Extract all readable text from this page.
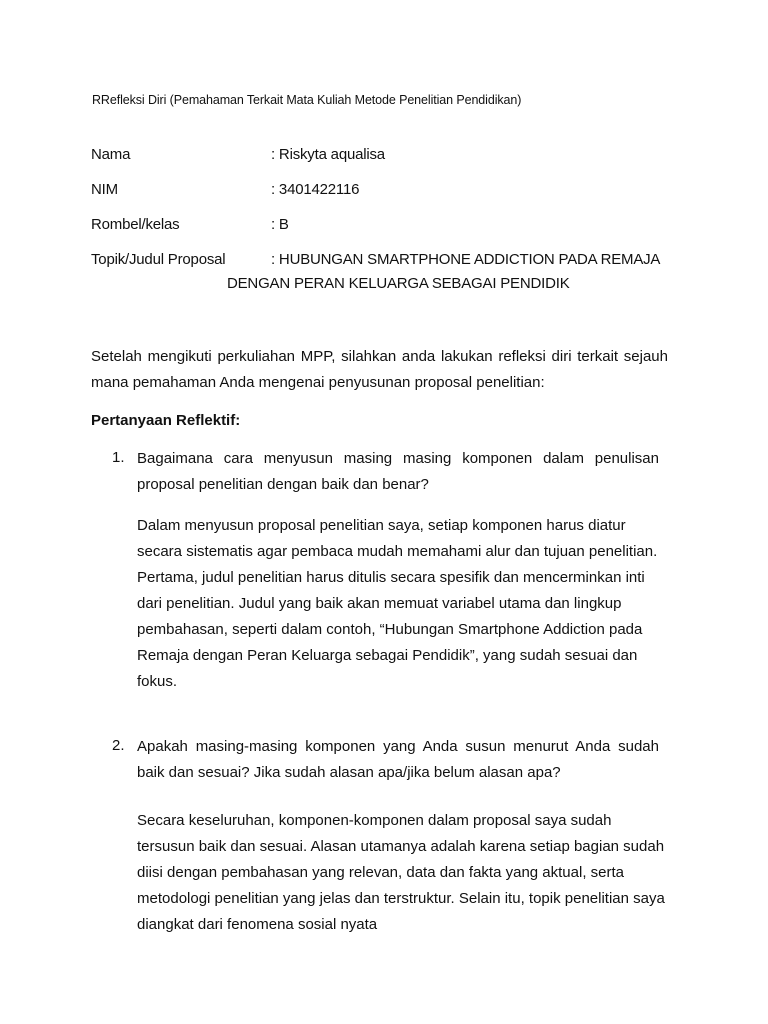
RRefleksi Diri (Pemahaman Terkait Mata Kuliah Metode Penelitian Pendidikan)
Nama	: Riskyta aqualisa
NIM	: 3401422116
Rombel/kelas	: B
Topik/Judul Proposal	: HUBUNGAN SMARTPHONE ADDICTION PADA REMAJA
DENGAN PERAN KELUARGA SEBAGAI PENDIDIK
Setelah mengikuti perkuliahan MPP, silahkan anda lakukan refleksi diri terkait sejauh mana pemahaman Anda mengenai penyusunan proposal penelitian:
Pertanyaan Reflektif:
1. Bagaimana cara menyusun masing masing komponen dalam penulisan proposal penelitian dengan baik dan benar?
Dalam menyusun proposal penelitian saya, setiap komponen harus diatur secara sistematis agar pembaca mudah memahami alur dan tujuan penelitian. Pertama, judul penelitian harus ditulis secara spesifik dan mencerminkan inti dari penelitian. Judul yang baik akan memuat variabel utama dan lingkup pembahasan, seperti dalam contoh, “Hubungan Smartphone Addiction pada Remaja dengan Peran Keluarga sebagai Pendidik”, yang sudah sesuai dan fokus.
2. Apakah masing-masing komponen yang Anda susun menurut Anda sudah baik dan sesuai? Jika sudah alasan apa/jika belum alasan apa?
Secara keseluruhan, komponen-komponen dalam proposal saya sudah tersusun baik dan sesuai. Alasan utamanya adalah karena setiap bagian sudah diisi dengan pembahasan yang relevan, data dan fakta yang aktual, serta metodologi penelitian yang jelas dan terstruktur. Selain itu, topik penelitian saya diangkat dari fenomena sosial nyata
